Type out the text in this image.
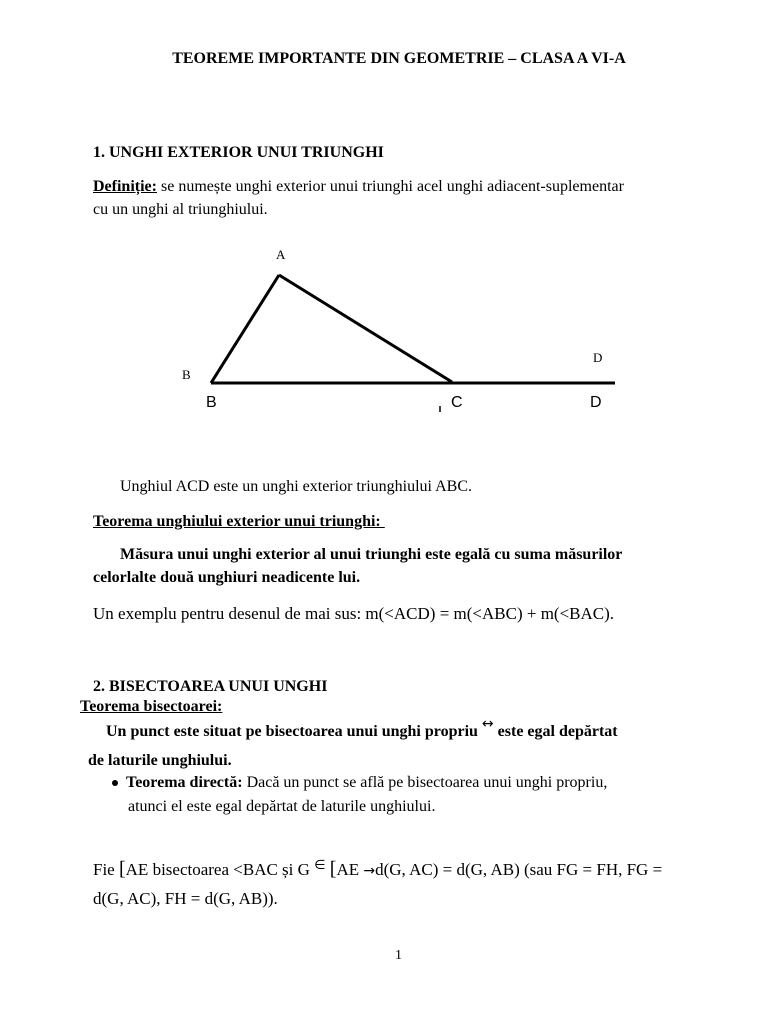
TEOREME IMPORTANTE DIN GEOMETRIE – CLASA A VI-A
1. UNGHI EXTERIOR UNUI TRIUNGHI
Definiție: se numește unghi exterior unui triunghi acel unghi adiacent-suplementar
cu un unghi al triunghiului.
A
B
D
B	C	D
Unghiul ACD este un unghi exterior triunghiului ABC.
Teorema unghiului exterior unui triunghi:
Măsura unui unghi exterior al unui triunghi este egală cu suma măsurilor
celorlalte două unghiuri neadicente lui.
Un exemplu pentru desenul de mai sus: m(<ACD) = m(<ABC) + m(<BAC).
2. BISECTOAREA UNUI UNGHI
Teorema bisectoarei:
Un punct este situat pe bisectoarea unui unghi propriu ↔ este egal depărtat
de laturile unghiului.
Teorema directă: Dacă un punct se află pe bisectoarea unui unghi propriu,
atunci el este egal depărtat de laturile unghiului.
Fie [AE bisectoarea <BAC și G ∈ [AE →d(G, AC) = d(G, AB) (sau FG = FH, FG =
d(G, AC), FH = d(G, AB)).
1
